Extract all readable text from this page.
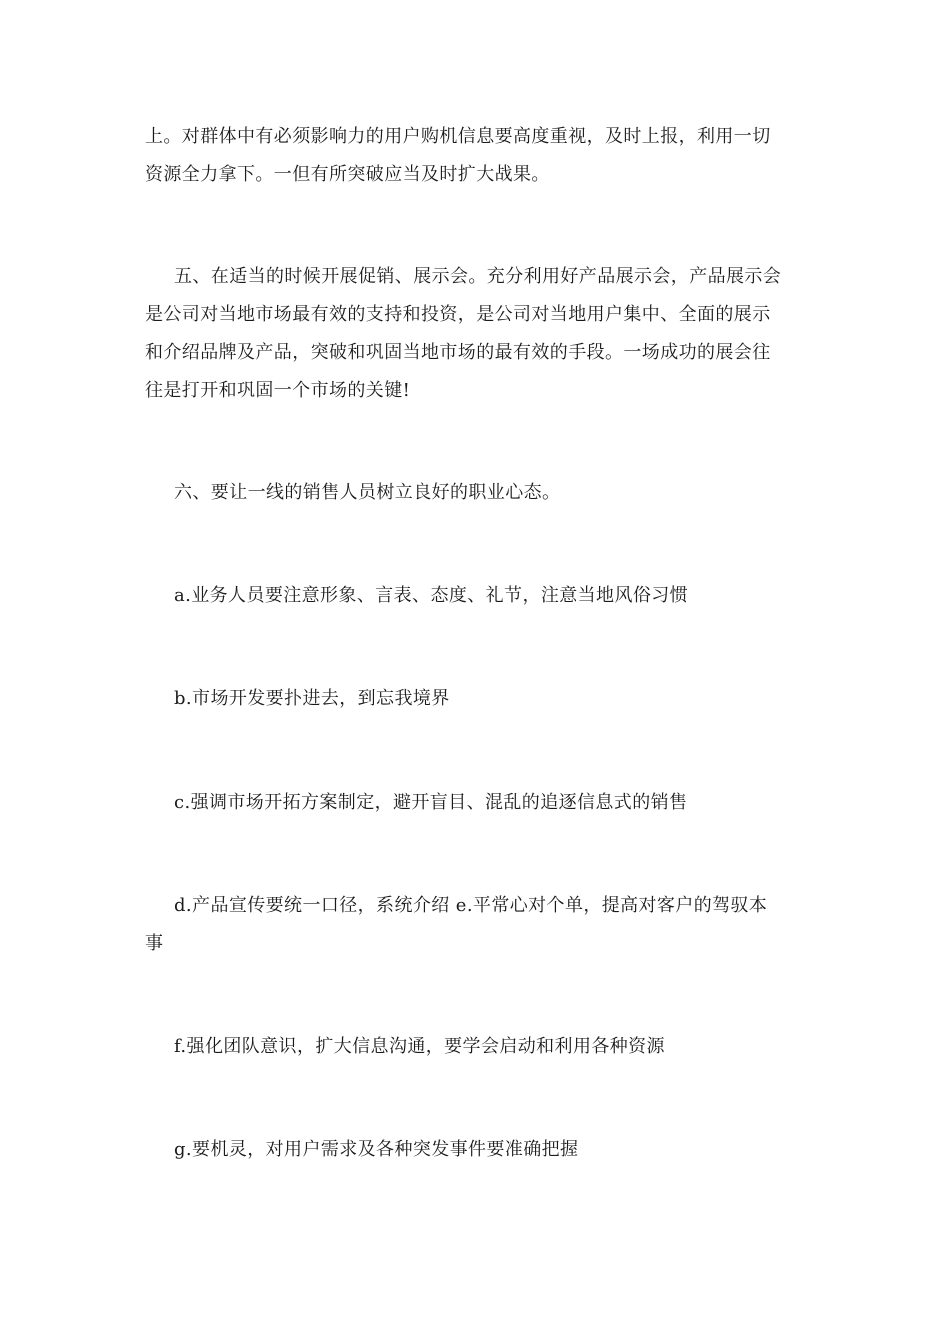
上。对群体中有必须影响力的用户购机信息要高度重视，及时上报，利用一切
资源全力拿下。一但有所突破应当及时扩大战果。

五、在适当的时候开展促销、展示会。充分利用好产品展示会，产品展示会
是公司对当地市场最有效的支持和投资，是公司对当地用户集中、全面的展示
和介绍品牌及产品，突破和巩固当地市场的最有效的手段。一场成功的展会往
往是打开和巩固一个市场的关键!

六、要让一线的销售人员树立良好的职业心态。

a.业务人员要注意形象、言表、态度、礼节，注意当地风俗习惯

b.市场开发要扑进去，到忘我境界

c.强调市场开拓方案制定，避开盲目、混乱的追逐信息式的销售

d.产品宣传要统一口径，系统介绍 e.平常心对个单，提高对客户的驾驭本
事

f.强化团队意识，扩大信息沟通，要学会启动和利用各种资源

g.要机灵，对用户需求及各种突发事件要准确把握
